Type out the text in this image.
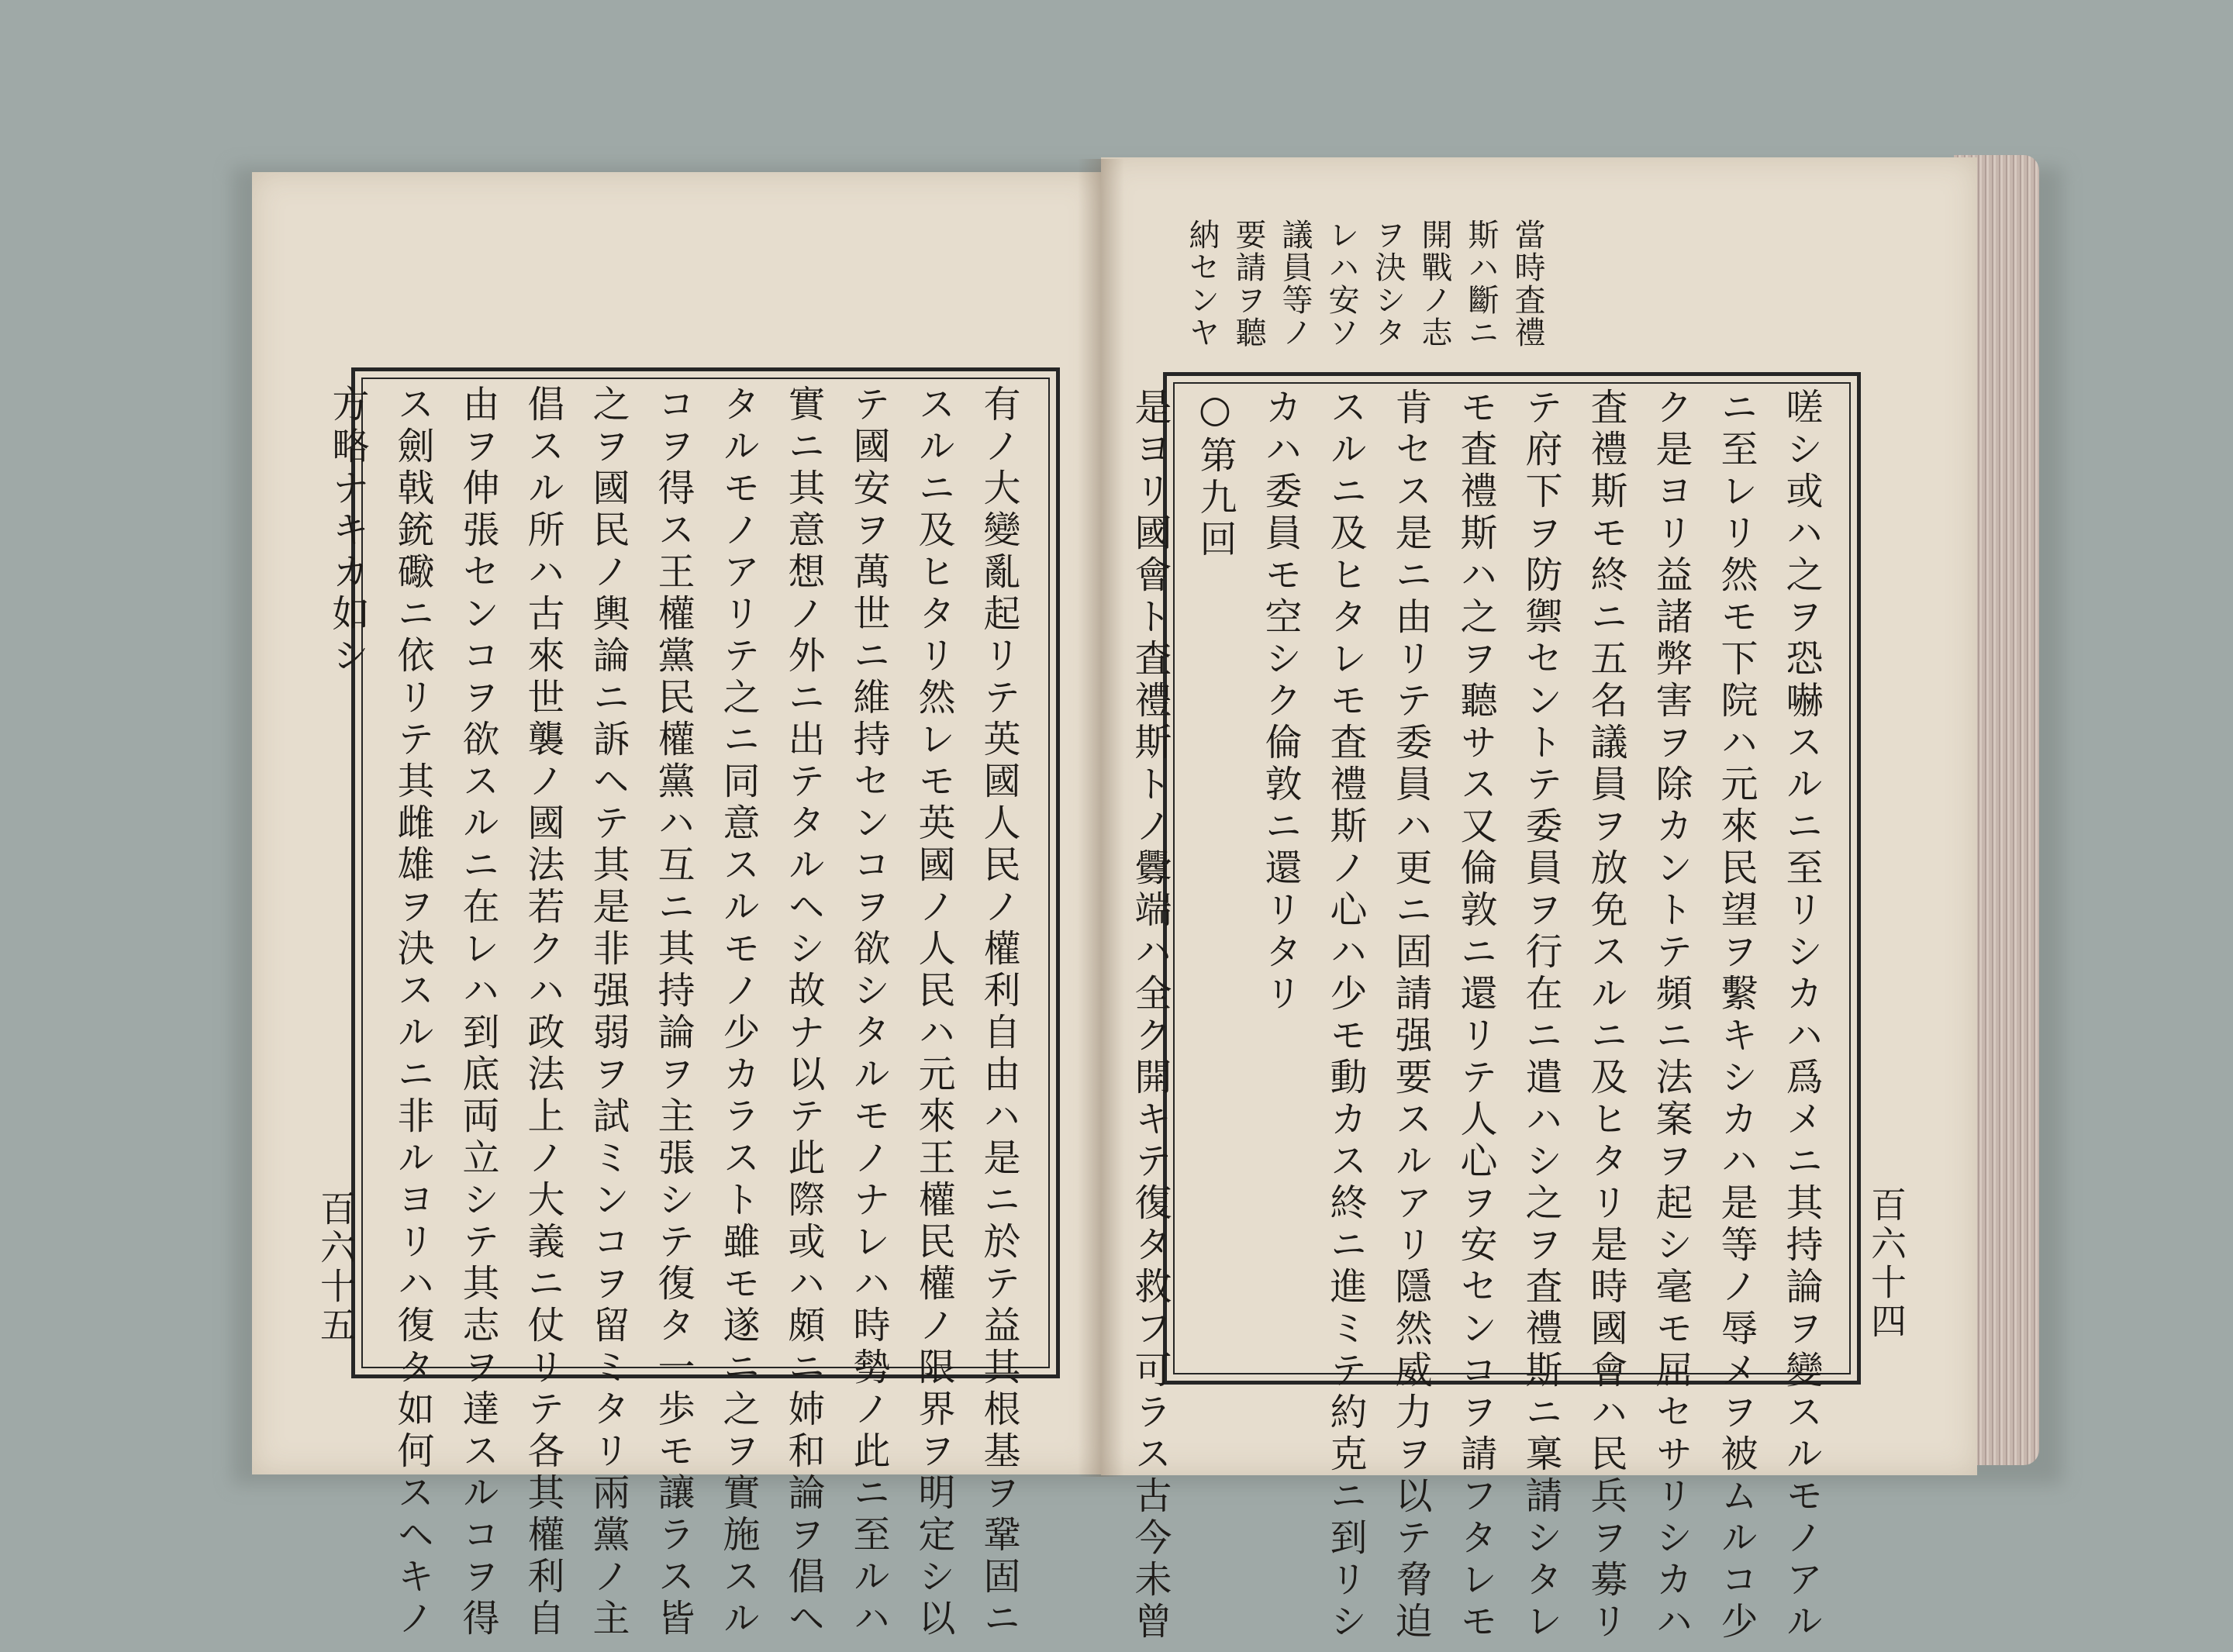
有ノ大變亂起リテ英國人民ノ權利自由ハ是ニ於テ益其根基ヲ鞏固ニ
スルニ及ヒタリ然レモ英國ノ人民ハ元來王權民權ノ限界ヲ明定シ以
テ國安ヲ萬世ニ維持センコヲ欲シタルモノナレハ時勢ノ此ニ至ルハ
實ニ其意想ノ外ニ出テタルヘシ故ナ以テ此際或ハ頗ニ姉和論ヲ倡ヘ
タルモノアリテ之ニ同意スルモノ少カラスト雖モ遂ニ之ヲ實施スル
コヲ得ス王權黨民權黨ハ互ニ其持論ヲ主張シテ復タ一歩モ讓ラス皆
之ヲ國民ノ輿論ニ訴ヘテ其是非强弱ヲ試ミンコヲ留ミタリ兩黨ノ主
倡スル所ハ古來世襲ノ國法若クハ政法上ノ大義ニ仗リテ各其權利自
由ヲ伸張センコヲ欲スルニ在レハ到底両立シテ其志ヲ達スルコヲ得
ス劍戟銃礮ニ依リテ其雌雄ヲ決スルニ非ルヨリハ復タ如何スヘキノ
方略ナキカ如シ
百六十五
當時査禮
斯ハ斷ニ
開戰ノ志
ヲ決シタ
レハ安ソ
議員等ノ
要請ヲ聽
納センヤ
嗟シ或ハ之ヲ恐嚇スルニ至リシカハ爲メニ其持論ヲ變スルモノアル
ニ至レリ然モ下院ハ元來民望ヲ繫キシカハ是等ノ辱メヲ被ムルコ少
ク是ヨリ益諸弊害ヲ除カントテ頻ニ法案ヲ起シ毫モ屈セサリシカハ
査禮斯モ終ニ五名議員ヲ放免スルニ及ヒタリ是時國會ハ民兵ヲ募リ
テ府下ヲ防禦セントテ委員ヲ行在ニ遣ハシ之ヲ査禮斯ニ稟請シタレ
モ査禮斯ハ之ヲ聽サス又倫敦ニ還リテ人心ヲ安センコヲ請フタレモ
肯セス是ニ由リテ委員ハ更ニ固請强要スルアリ隱然威力ヲ以テ脅迫
スルニ及ヒタレモ査禮斯ノ心ハ少モ動カス終ニ進ミテ約克ニ到リシ
カハ委員モ空シク倫敦ニ還リタリ
○第九回
是ヨリ國會ト査禮斯トノ釁端ハ全ク開キテ復タ救フ可ラス古今未曾	百六十四
